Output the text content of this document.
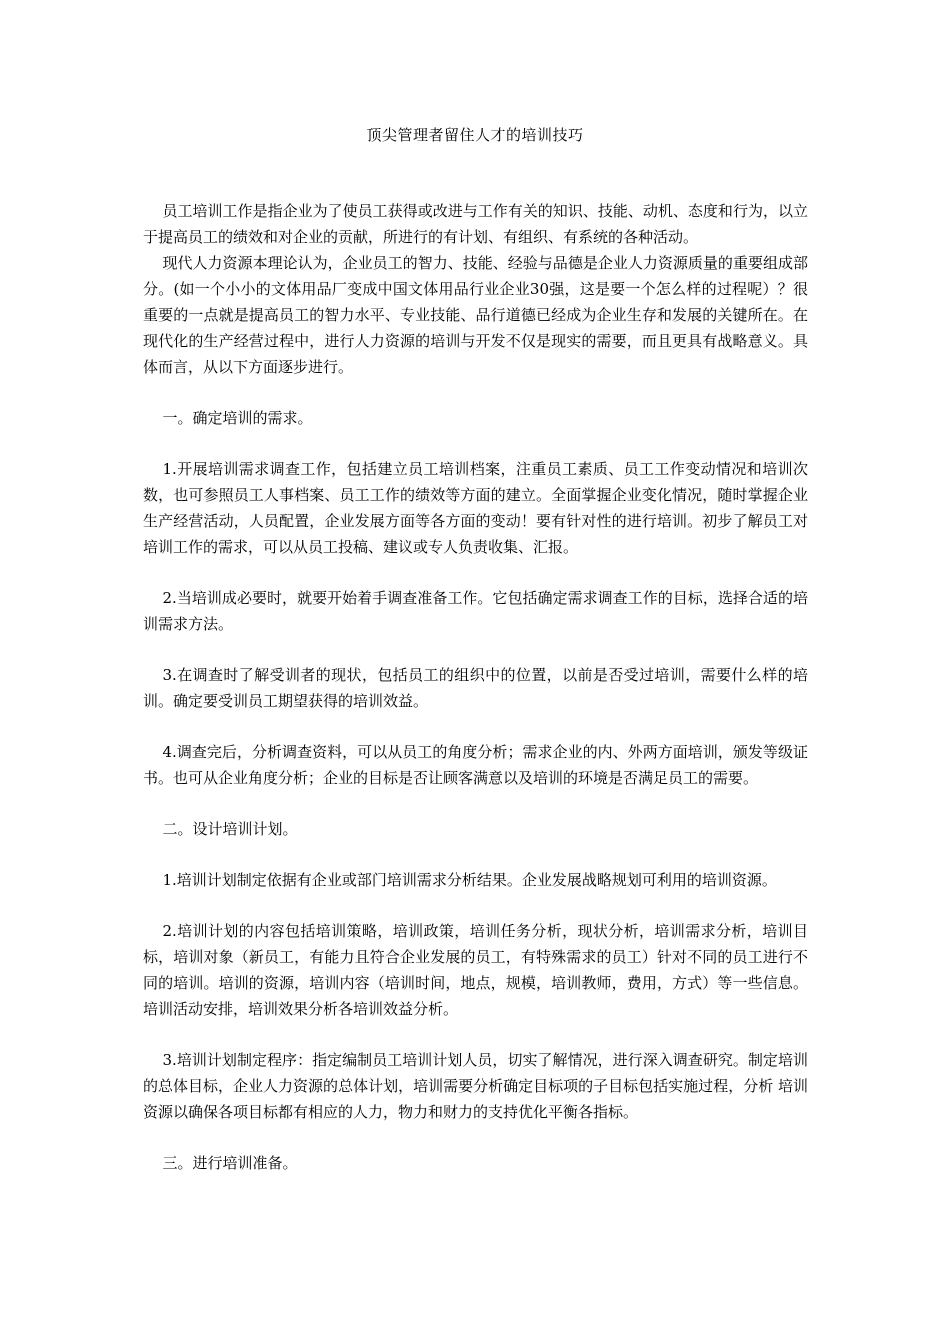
顶尖管理者留住人才的培训技巧

员工培训工作是指企业为了使员工获得或改进与工作有关的知识、技能、动机、态度和行为，以立于提高员工的绩效和对企业的贡献，所进行的有计划、有组织、有系统的各种活动。

现代人力资源本理论认为，企业员工的智力、技能、经验与品德是企业人力资源质量的重要组成部分。(如一个小小的文体用品厂变成中国文体用品行业企业30强，这是要一个怎么样的过程呢）？很重要的一点就是提高员工的智力水平、专业技能、品行道德已经成为企业生存和发展的关键所在。在现代化的生产经营过程中，进行人力资源的培训与开发不仅是现实的需要，而且更具有战略意义。具体而言，从以下方面逐步进行。

一。确定培训的需求。

1.开展培训需求调查工作，包括建立员工培训档案，注重员工素质、员工工作变动情况和培训次数，也可参照员工人事档案、员工工作的绩效等方面的建立。全面掌握企业变化情况，随时掌握企业生产经营活动，人员配置，企业发展方面等各方面的变动！要有针对性的进行培训。初步了解员工对培训工作的需求，可以从员工投稿、建议或专人负责收集、汇报。

2.当培训成必要时，就要开始着手调查准备工作。它包括确定需求调查工作的目标，选择合适的培训需求方法。

3.在调查时了解受训者的现状，包括员工的组织中的位置，以前是否受过培训，需要什么样的培训。确定要受训员工期望获得的培训效益。

4.调查完后，分析调查资料，可以从员工的角度分析；需求企业的内、外两方面培训，颁发等级证书。也可从企业角度分析；企业的目标是否让顾客满意以及培训的环境是否满足员工的需要。

二。设计培训计划。

1.培训计划制定依据有企业或部门培训需求分析结果。企业发展战略规划可利用的培训资源。

2.培训计划的内容包括培训策略，培训政策，培训任务分析，现状分析，培训需求分析，培训目标，培训对象（新员工，有能力且符合企业发展的员工，有特殊需求的员工）针对不同的员工进行不同的培训。培训的资源，培训内容（培训时间，地点，规模，培训教师，费用，方式）等一些信息。培训活动安排，培训效果分析各培训效益分析。

3.培训计划制定程序：指定编制员工培训计划人员，切实了解情况，进行深入调查研究。制定培训的总体目标，企业人力资源的总体计划，培训需要分析确定目标项的子目标包括实施过程，分析 培训资源以确保各项目标都有相应的人力，物力和财力的支持优化平衡各指标。

三。进行培训准备。
